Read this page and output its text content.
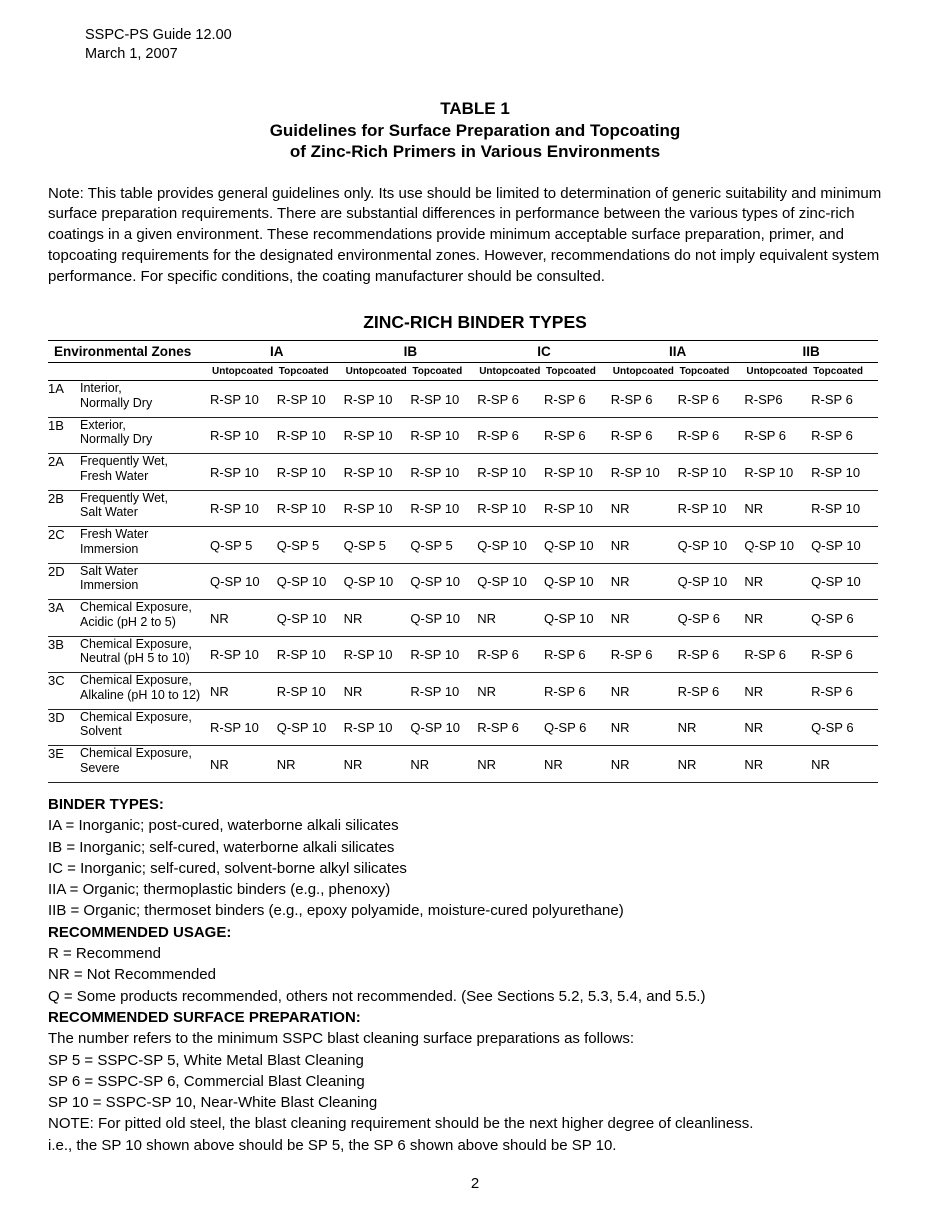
SSPC-PS Guide 12.00
March 1, 2007
TABLE 1
Guidelines for Surface Preparation and Topcoating
of Zinc-Rich Primers in Various Environments
Note: This table provides general guidelines only. Its use should be limited to determination of generic suitability and minimum surface preparation requirements. There are substantial differences in performance between the various types of zinc-rich coatings in a given environment. These recommendations provide minimum acceptable surface preparation, primer, and topcoating requirements for the designated environmental zones. However, recommendations do not imply equivalent system performance. For specific conditions, the coating manufacturer should be consulted.
ZINC-RICH BINDER TYPES
Environmental Zones		IA		IB		IC		IIA		IIB	
		Untopcoated	Topcoated	Untopcoated	Topcoated	Untopcoated	Topcoated	Untopcoated	Topcoated	Untopcoated	Topcoated
1A	Interior,
Normally Dry	R-SP 10	R-SP 10	R-SP 10	R-SP 10	R-SP 6	R-SP 6	R-SP 6	R-SP 6	R-SP6	R-SP 6
1B	Exterior,
Normally Dry	R-SP 10	R-SP 10	R-SP 10	R-SP 10	R-SP 6	R-SP 6	R-SP 6	R-SP 6	R-SP 6	R-SP 6
2A	Frequently Wet,
Fresh Water	R-SP 10	R-SP 10	R-SP 10	R-SP 10	R-SP 10	R-SP 10	R-SP 10	R-SP 10	R-SP 10	R-SP 10
2B	Frequently Wet,
Salt Water	R-SP 10	R-SP 10	R-SP 10	R-SP 10	R-SP 10	R-SP 10	NR	R-SP 10	NR	R-SP 10
2C	Fresh Water
Immersion	Q-SP 5	Q-SP 5	Q-SP 5	Q-SP 5	Q-SP 10	Q-SP 10	NR	Q-SP 10	Q-SP 10	Q-SP 10
2D	Salt Water
Immersion	Q-SP 10	Q-SP 10	Q-SP 10	Q-SP 10	Q-SP 10	Q-SP 10	NR	Q-SP 10	NR	Q-SP 10
3A	Chemical Exposure,
Acidic (pH 2 to 5)	NR	Q-SP 10	NR	Q-SP 10	NR	Q-SP 10	NR	Q-SP 6	NR	Q-SP 6
3B	Chemical Exposure,
Neutral (pH 5 to 10)	R-SP 10	R-SP 10	R-SP 10	R-SP 10	R-SP 6	R-SP 6	R-SP 6	R-SP 6	R-SP 6	R-SP 6
3C	Chemical Exposure,
Alkaline (pH 10 to 12)	NR	R-SP 10	NR	R-SP 10	NR	R-SP 6	NR	R-SP 6	NR	R-SP 6
3D	Chemical Exposure,
Solvent	R-SP 10	Q-SP 10	R-SP 10	Q-SP 10	R-SP 6	Q-SP 6	NR	NR	NR	Q-SP 6
3E	Chemical Exposure,
Severe	NR	NR	NR	NR	NR	NR	NR	NR	NR	NR
BINDER TYPES:
IA = Inorganic; post-cured, waterborne alkali silicates
IB = Inorganic; self-cured, waterborne alkali silicates
IC = Inorganic; self-cured, solvent-borne alkyl silicates
IIA = Organic; thermoplastic binders (e.g., phenoxy)
IIB = Organic; thermoset binders (e.g., epoxy polyamide, moisture-cured polyurethane)
RECOMMENDED USAGE:
R = Recommend
NR = Not Recommended
Q = Some products recommended, others not recommended. (See Sections 5.2, 5.3, 5.4, and 5.5.)
RECOMMENDED SURFACE PREPARATION:
The number refers to the minimum SSPC blast cleaning surface preparations as follows:
SP 5 = SSPC-SP 5, White Metal Blast Cleaning
SP 6 = SSPC-SP 6, Commercial Blast Cleaning
SP 10 = SSPC-SP 10, Near-White Blast Cleaning
NOTE: For pitted old steel, the blast cleaning requirement should be the next higher degree of cleanliness.
i.e., the SP 10 shown above should be SP 5, the SP 6 shown above should be SP 10.
2
